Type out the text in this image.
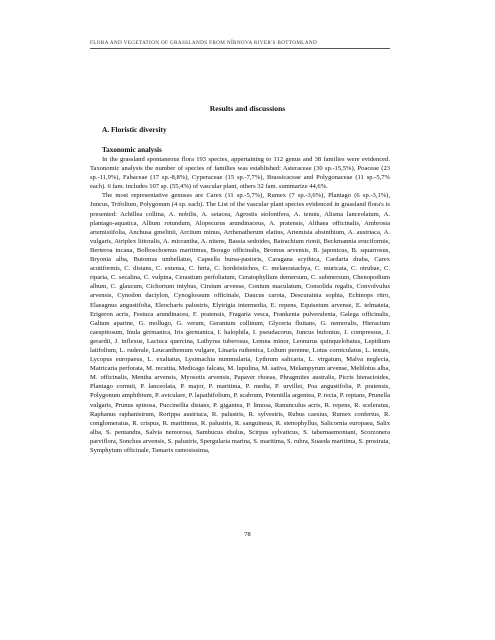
FLORA AND VEGETATION OF GRASSLANDS FROM NÎRNOVA RIVER'S BOTTOMLAND
Results and discussions
A. Floristic diversity
Taxonomic analysis

In the grassland spontaneous flora 193 species, appertaining to 112 genus and 38 families were evidenced. Taxonomic analysis the number of species of families was established: Asteraceae (30 sp.-15,5%), Poaceae (23 sp.-11,9%), Fabaceae (17 sp.-8,8%), Cyperaceae (15 sp.-7,7%), Brassicaceae and Polygonaceae (11 sp.-5,7% each). 6 fam. includes 107 sp. (55,4%) of vascular plant, others 32 fam. summarize 44,6%.

The most representative genuses are Carex (11 sp.-5,7%), Rumex (7 sp.-3,6%), Plantago (6 sp.-3,1%), Juncus, Trifolium, Polygonum (4 sp. each). The List of the vascular plant species evidenced in grassland flora's is presented: Achillea collina, A. nobilis, A. setacea, Agrostis stolonifera, A. tenuis, Alisma lanceolatum, A. plantago-aquatica, Allium rotundum, Alopecurus arundinaceus, A. pratensis, Althaea officinalis, Ambrosia artemisiifolia, Anchusa gmelinii, Arctium minus, Arrhenatherum elatius, Artemisia absinthium, A. austriaca, A. vulgaris, Atriplex littoralis, A. micrantha, A. nitens, Bassia sedoides, Batrachium rionii, Beckmannia eruciformis, Berteroa incana, Bolboschoenus maritimus, Borago officinalis, Bromus arvensis, B. japonicus, B. squarrosus, Bryonia alba, Butomus umbellatus, Capsella bursa-pastoris, Caragana scythica, Cardaria draba, Carex acutiformis, C. distans, C. extensa, C. hirta, C. hordeistichos, C. melanostachya, C. muricata, C. otrubae, C. riparia, C. secalina, C. vulpina, Cerastium perfoliatum, Ceratophyllum demersum, C. submersum, Chenopodium album, C. glaucum, Cichorium intybus, Cirsium arvense, Conium maculatum, Consolida regalis, Convolvulus arvensis, Cynodon dactylon, Cynoglossum officinale, Daucus carota, Descurainia sophia, Echinops ritro, Elaeagnus angustifolia, Eleocharis palustris, Elytrigia intermedia, E. repens, Equisetum arvense, E. telmateia, Erigeron acris, Festuca arundinacea, F. pratensis, Fragaria vesca, Frankenia pulverulenta, Galega officinalis, Galium aparine, G. mollugo, G. verum, Geranium collinum, Glyceria fluitans, G. nemoralis, Hieracium caespitosum, Inula germanica, Iris germanica, I. halophila, I. pseudacorus, Juncus bufonius, J. compressus, J. gerardii, J. inflexus, Lactuca quercina, Lathyrus tuberosus, Lemna minor, Leonurus quinquelobatus, Lepidium latifolium, L. ruderale, Leucanthemum vulgare, Linaria ruthenica, Lolium perenne, Lotus corniculatus, L. tenuis, Lycopus europaeus, L. exaltatus, Lysimachia nummularia, Lythrum salicaria, L. virgatum, Malva neglecta, Matricaria perforata, M. recutita, Medicago falcata, M. lupulina, M. sativa, Melampyrum arvense, Melilotus alba, M. officinalis, Mentha arvensis, Myosotis arvensis, Papaver rhoeas, Phragmites australis, Picris hieracioides, Plantago cornuti, P. lanceolata, P. major, P. maritima, P. media, P. urvillei, Poa angustifolia, P. pratensis, Polygonum amphibium, P. aviculare, P. lapathifolium, P. scabrum, Potentilla argentea, P. recta, P. reptans, Prunella vulgaris, Prunus spinosa, Puccinellia distans, P. gigantea, P. limosa, Ranunculus acris, R. repens, R. sceleratus, Raphanus raphanistrum, Rorippa austriaca, R. palustris, R. sylvestris, Rubus caesius, Rumex confertus, R. conglomeratus, R. crispus, R. maritimus, R. palustris, R. sanguineus, R. stenophyllus, Salicornia europaea, Salix alba, S. pentandra, Salvia nemorosa, Sambucus ebulus, Scirpus sylvaticus, S. tabernaemontani, Scorzonera parviflora, Sonchus arvensis, S. palustris, Spergularia marina, S. maritima, S. rubra, Suaeda maritima, S. prostrata, Symphytum officinale, Tamarix ramosissima,

78
